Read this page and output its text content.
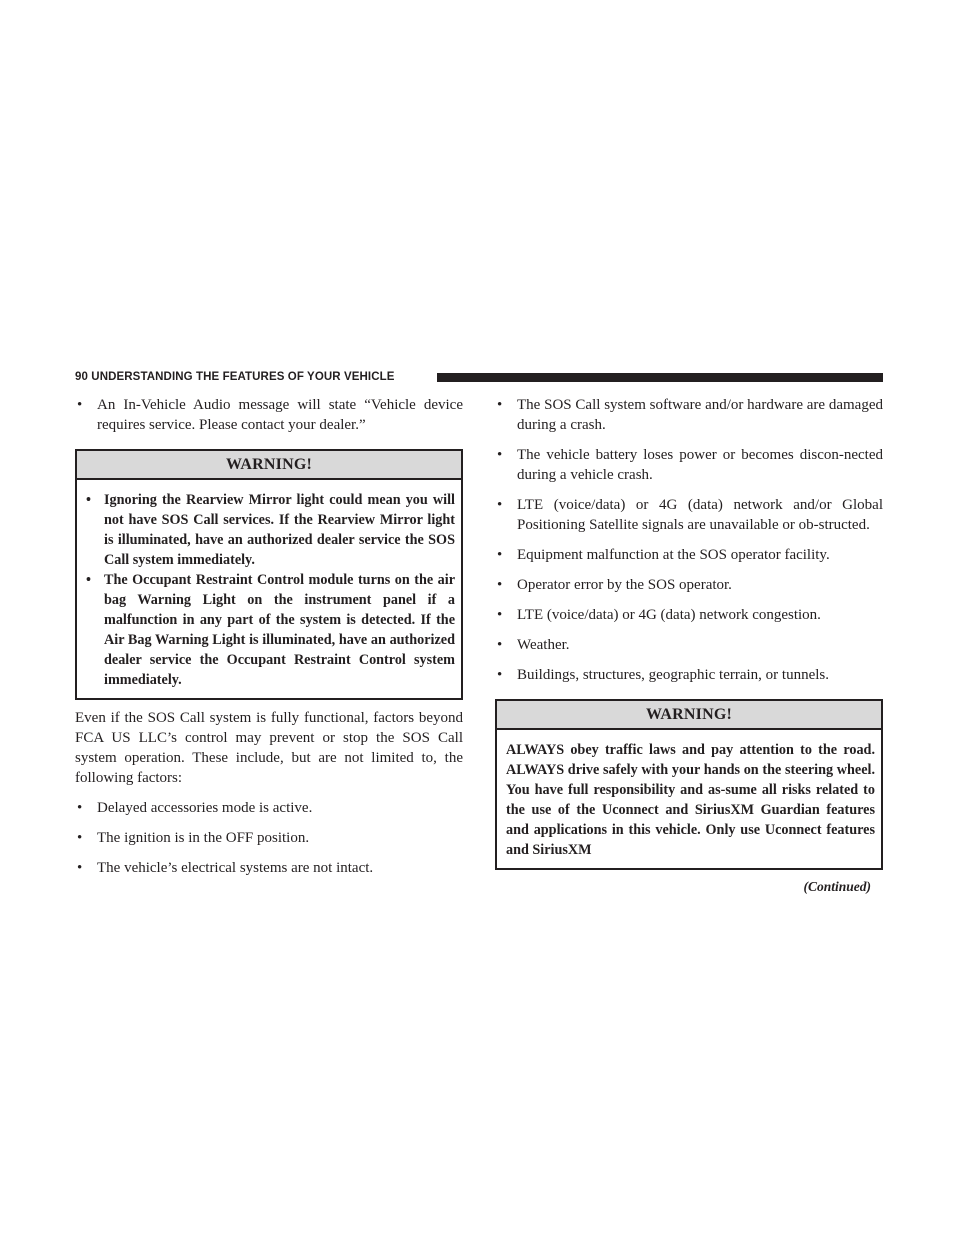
90 UNDERSTANDING THE FEATURES OF YOUR VEHICLE
• An In-Vehicle Audio message will state “Vehicle device requires service. Please contact your dealer.”
WARNING!
• Ignoring the Rearview Mirror light could mean you will not have SOS Call services. If the Rearview Mirror light is illuminated, have an authorized dealer service the SOS Call system immediately.
• The Occupant Restraint Control module turns on the air bag Warning Light on the instrument panel if a malfunction in any part of the system is detected. If the Air Bag Warning Light is illuminated, have an authorized dealer service the Occupant Restraint Control system immediately.

Even if the SOS Call system is fully functional, factors beyond FCA US LLC’s control may prevent or stop the SOS Call system operation. These include, but are not limited to, the following factors:

• Delayed accessories mode is active.
• The ignition is in the OFF position.
• The vehicle’s electrical systems are not intact.
• The SOS Call system software and/or hardware are damaged during a crash.
• The vehicle battery loses power or becomes discon-nected during a vehicle crash.
• LTE (voice/data) or 4G (data) network and/or Global Positioning Satellite signals are unavailable or ob-structed.
• Equipment malfunction at the SOS operator facility.
• Operator error by the SOS operator.
• LTE (voice/data) or 4G (data) network congestion.
• Weather.
• Buildings, structures, geographic terrain, or tunnels.
WARNING!

ALWAYS obey traffic laws and pay attention to the road. ALWAYS drive safely with your hands on the steering wheel. You have full responsibility and as-sume all risks related to the use of the Uconnect and SiriusXM Guardian features and applications in this vehicle. Only use Uconnect features and SiriusXM

(Continued)
